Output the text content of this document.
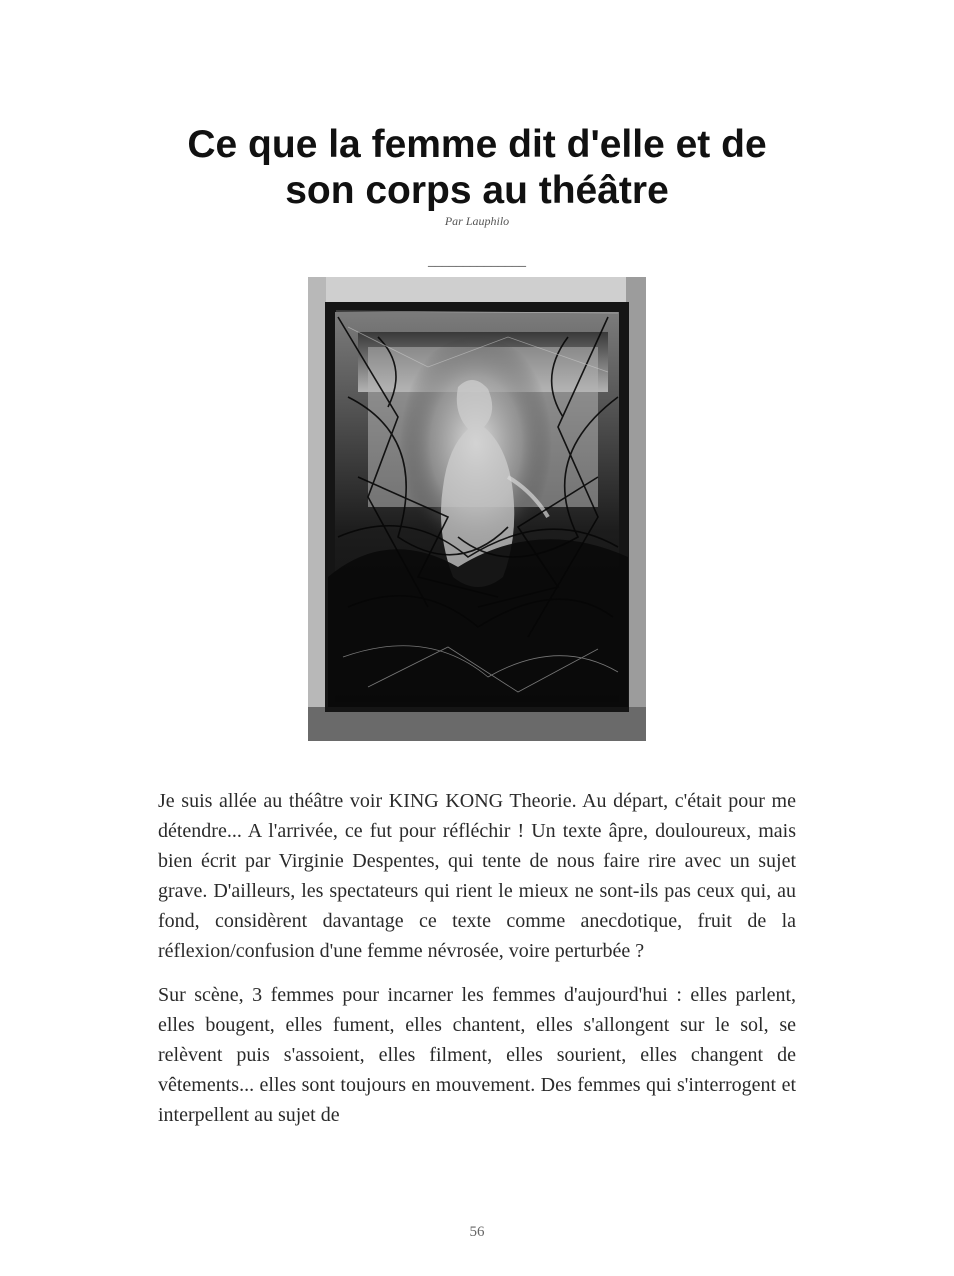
Ce que la femme dit d'elle et de
son corps au théâtre
Par Lauphilo
______________

Je suis allée au théâtre voir KING KONG Theorie. Au départ, c'était pour me détendre... A l'arrivée, ce fut pour réfléchir ! Un texte âpre, douloureux, mais bien écrit par Virginie Despentes, qui tente de nous faire rire avec un sujet grave. D'ailleurs, les spectateurs qui rient le mieux ne sont-ils pas ceux qui, au fond, considèrent davantage ce texte comme anecdotique, fruit de la réflexion/confusion d'une femme névrosée, voire perturbée ?

Sur scène, 3 femmes pour incarner les femmes d'aujourd'hui : elles parlent, elles bougent, elles fument, elles chantent, elles s'allongent sur le sol, se relèvent puis s'assoient, elles filment, elles sourient, elles changent de vêtements... elles sont toujours en mouvement. Des femmes qui s'interrogent et interpellent au sujet de

56
